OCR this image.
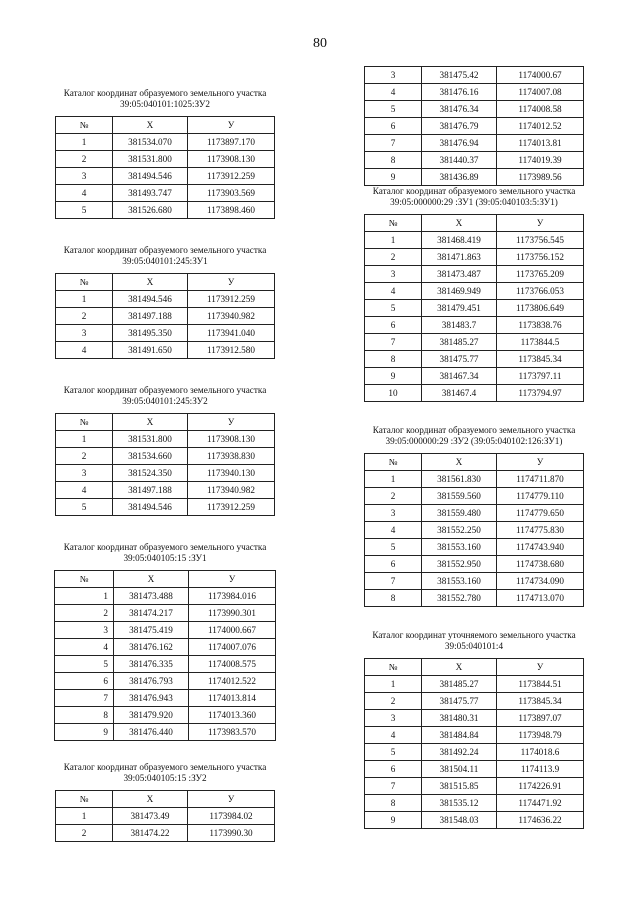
80
Каталог координат образуемого земельного участка
39:05:040101:1025:ЗУ2
№	X	У
1	381534.070	1173897.170
2	381531.800	1173908.130
3	381494.546	1173912.259
4	381493.747	1173903.569
5	381526.680	1173898.460
Каталог координат образуемого земельного участка
39:05:040101:245:ЗУ1
№	X	У
1	381494.546	1173912.259
2	381497.188	1173940.982
3	381495.350	1173941.040
4	381491.650	1173912.580
Каталог координат образуемого земельного участка
39:05:040101:245:ЗУ2
№	X	У
1	381531.800	1173908.130
2	381534.660	1173938.830
3	381524.350	1173940.130
4	381497.188	1173940.982
5	381494.546	1173912.259
Каталог координат образуемого земельного участка
39:05:040105:15 :ЗУ1
№	X	У
1	381473.488	1173984.016
2	381474.217	1173990.301
3	381475.419	1174000.667
4	381476.162	1174007.076
5	381476.335	1174008.575
6	381476.793	1174012.522
7	381476.943	1174013.814
8	381479.920	1174013.360
9	381476.440	1173983.570
Каталог координат образуемого земельного участка
39:05:040105:15 :ЗУ2
№	X	У
1	381473.49	1173984.02
2	381474.22	1173990.30
3	381475.42	1174000.67
4	381476.16	1174007.08
5	381476.34	1174008.58
6	381476.79	1174012.52
7	381476.94	1174013.81
8	381440.37	1174019.39
9	381436.89	1173989.56
Каталог координат образуемого земельного участка
39:05:000000:29 :ЗУ1 (39:05:040103:5:ЗУ1)
№	X	У
1	381468.419	1173756.545
2	381471.863	1173756.152
3	381473.487	1173765.209
4	381469.949	1173766.053
5	381479.451	1173806.649
6	381483.7	1173838.76
7	381485.27	1173844.5
8	381475.77	1173845.34
9	381467.34	1173797.11
10	381467.4	1173794.97
Каталог координат образуемого земельного участка
39:05:000000:29 :ЗУ2 (39:05:040102:126:ЗУ1)
№	X	У
1	381561.830	1174711.870
2	381559.560	1174779.110
3	381559.480	1174779.650
4	381552.250	1174775.830
5	381553.160	1174743.940
6	381552.950	1174738.680
7	381553.160	1174734.090
8	381552.780	1174713.070
Каталог координат уточняемого земельного участка
39:05:040101:4
№	X	У
1	381485.27	1173844.51
2	381475.77	1173845.34
3	381480.31	1173897.07
4	381484.84	1173948.79
5	381492.24	1174018.6
6	381504.11	1174113.9
7	381515.85	1174226.91
8	381535.12	1174471.92
9	381548.03	1174636.22
